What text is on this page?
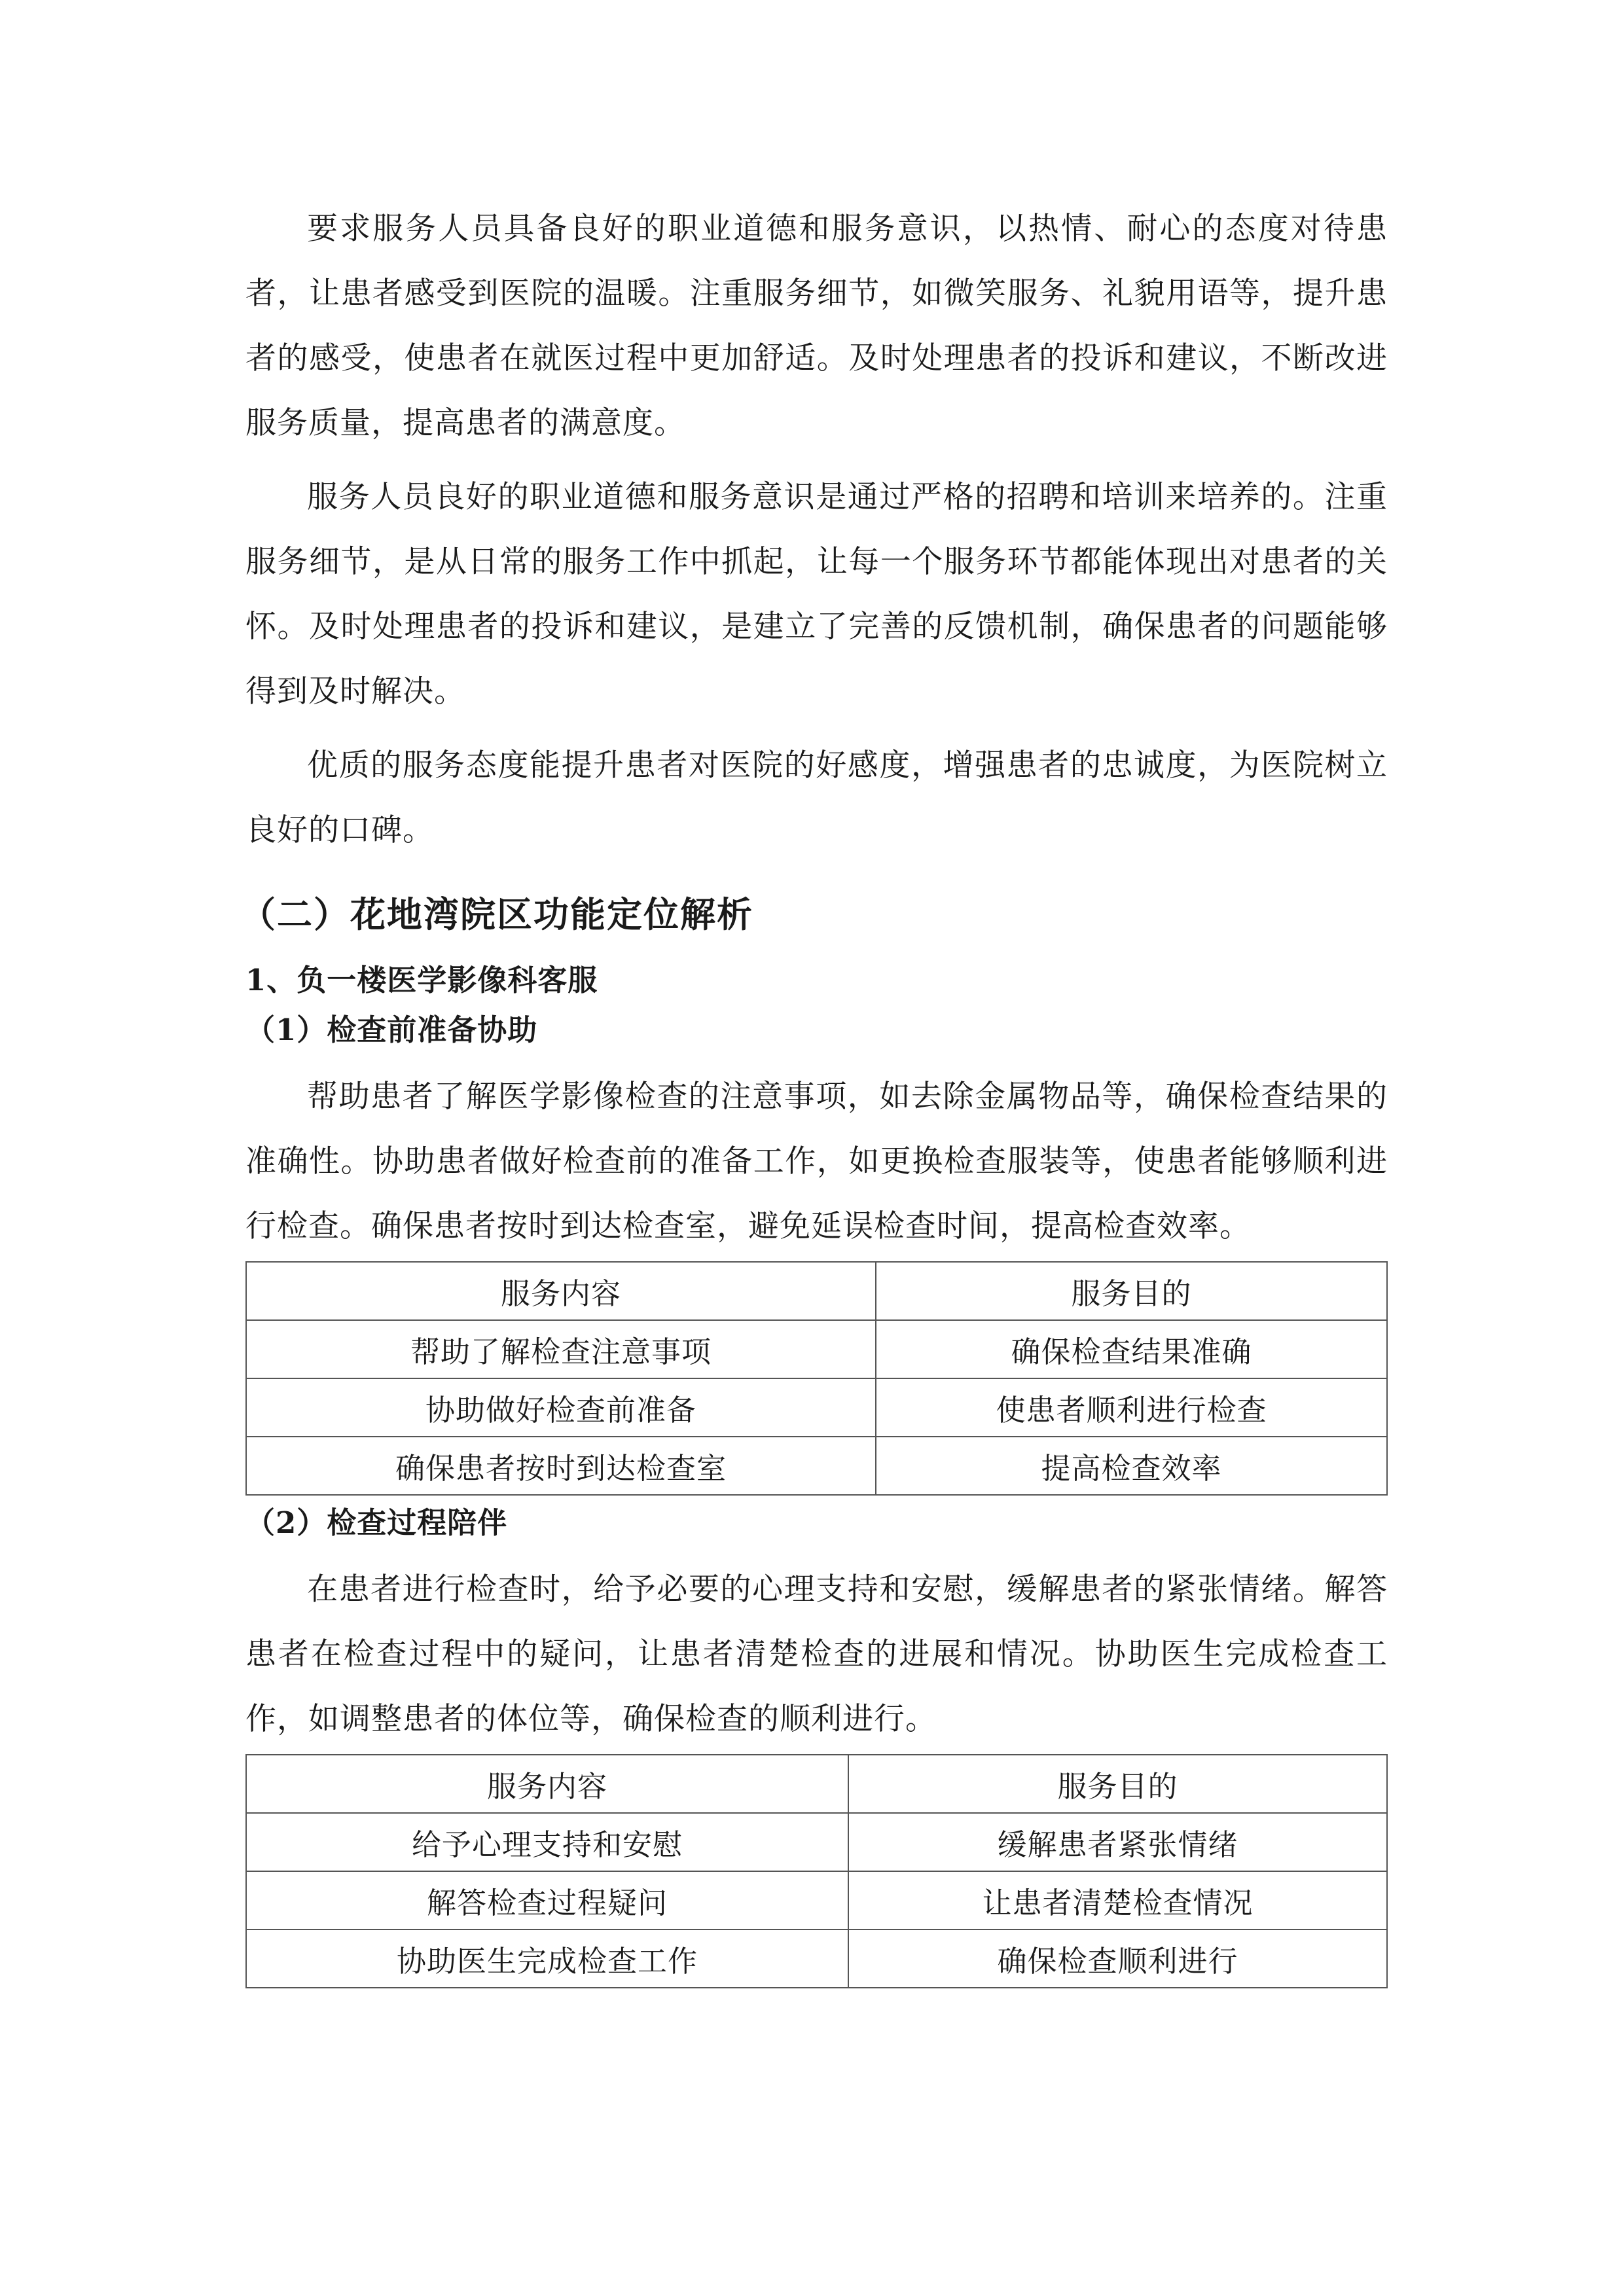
要求服务人员具备良好的职业道德和服务意识，以热情、耐心的态度对待患者，让患者感受到医院的温暖。注重服务细节，如微笑服务、礼貌用语等，提升患者的感受，使患者在就医过程中更加舒适。及时处理患者的投诉和建议，不断改进服务质量，提高患者的满意度。

服务人员良好的职业道德和服务意识是通过严格的招聘和培训来培养的。注重服务细节，是从日常的服务工作中抓起，让每一个服务环节都能体现出对患者的关怀。及时处理患者的投诉和建议，是建立了完善的反馈机制，确保患者的问题能够得到及时解决。

优质的服务态度能提升患者对医院的好感度，增强患者的忠诚度，为医院树立良好的口碑。

（二）花地湾院区功能定位解析
1、负一楼医学影像科客服
（1）检查前准备协助

帮助患者了解医学影像检查的注意事项，如去除金属物品等，确保检查结果的准确性。协助患者做好检查前的准备工作，如更换检查服装等，使患者能够顺利进行检查。确保患者按时到达检查室，避免延误检查时间，提高检查效率。

服务内容	服务目的
帮助了解检查注意事项	确保检查结果准确
协助做好检查前准备	使患者顺利进行检查
确保患者按时到达检查室	提高检查效率
（2）检查过程陪伴

在患者进行检查时，给予必要的心理支持和安慰，缓解患者的紧张情绪。解答患者在检查过程中的疑问，让患者清楚检查的进展和情况。协助医生完成检查工作，如调整患者的体位等，确保检查的顺利进行。

服务内容	服务目的
给予心理支持和安慰	缓解患者紧张情绪
解答检查过程疑问	让患者清楚检查情况
协助医生完成检查工作	确保检查顺利进行
